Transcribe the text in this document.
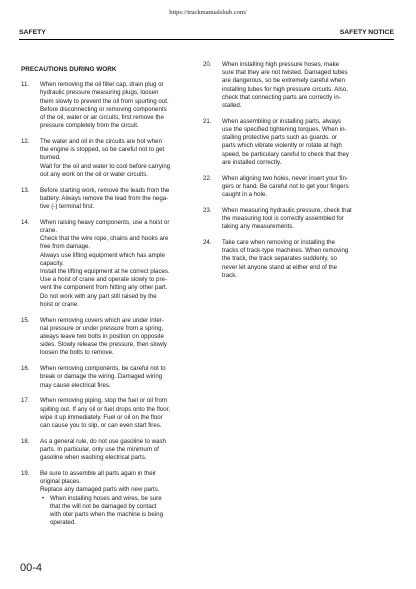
https://truckmanualshub.com/
SAFETY	SAFETY NOTICE
PRECAUTIONS DURING WORK
11. When removing the oil filter cap, drain plug or
hydraulic pressure measuring plugs, loosen
them slowly to prevent the oil from spurting out.
Before disconnecting or removing components
of the oil, water or air circuits, first remove the
pressure completely from the circuit.
12. The water and oil in the circuits are hot when
the engine is stopped, so be careful not to get
burned.
Wait for the oil and water to cool before carrying
out any work on the oil or water circuits.
13. Before starting work, remove the leads from the
battery. Always remove the lead from the nega-
tive (-) terminal first.
14. When raising heavy components, use a hoist or
crane.
Check that the wire rope, chains and hooks are
free from damage.
Always use lifting equipment which has ample
capacity.
Install the lifting equipment at he correct places.
Use a hoist of crane and operate slowly to pre-
vent the component from hitting any other part.
Do not work with any part still raised by the
hoist or crane.
15. When removing covers which are under inter-
nal pressure or under pressure from a spring,
always leave two bolts in position on opposite
sides. Slowly release the pressure, then slowly
loosen the bolts to remove.
16. When removing components, be careful not to
break or damage the wiring. Damaged wiring
may cause electrical fires.
17. When removing piping, stop the fuel or oil from
spilling out. If any oil or fuel drops onto the floor,
wipe it up immediately. Fuel or oil on the floor
can cause you to slip, or can even start fires.
18. As a general rule, do not use gasoline to wash
parts. In particular, only use the minimum of
gasoline when washing electrical parts.
19. Be sure to assemble all parts again in their
original places.
Replace any damaged parts with new parts.
• When installing hoses and wires, be sure
that the will not be damaged by contact
with oter parts when the machine is being
operated.
20. When installing high pressure hoses, make
sure that they are not twisted. Damaged tubes
are dangerous, so be extremely careful when
installing tubes for high pressure circuits. Also,
check that connecting parts are correctly in-
stalled.
21. When assembling or installing parts, always
use the specified tightening torques. When in-
stalling protective parts such as guards. or
parts which vibrate violently or rotate at high
speed, be particulary careful to check that they
are installed correctly.
22. When aligning two holes, never insert your fin-
gers or hand. Be careful not to get your fingers
caught in a hole.
23. When measuring hydraulic pressure, check that
the measuring tool is correctly assembled for
taking any measurements.
24. Take care when removing or installing the
tracks of track-type machines. When removing
the track, the track separates suddenly, so
never let anyone stand at either end of the
track.
00-4
